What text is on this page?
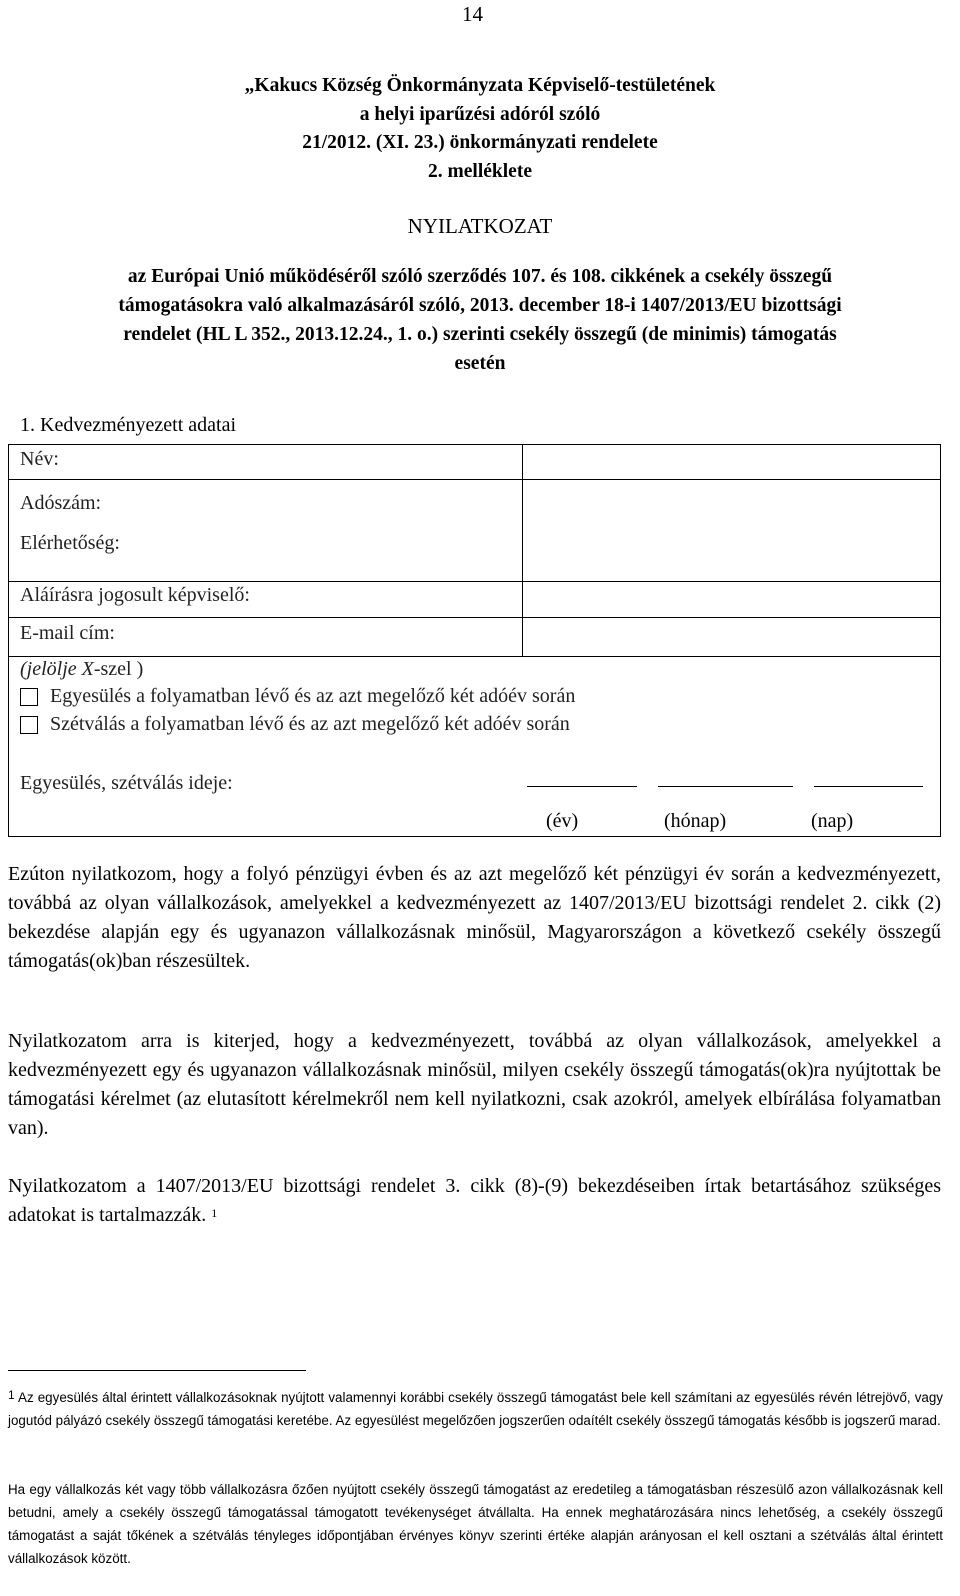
14
„Kakucs Község Önkormányzata Képviselő-testületének
a helyi iparűzési adóról szóló
21/2012. (XI. 23.) önkormányzati rendelete
2. melléklete
NYILATKOZAT
az Európai Unió működéséről szóló szerződés 107. és 108. cikkének a csekély összegű
támogatásokra való alkalmazásáról szóló, 2013. december 18-i 1407/2013/EU bizottsági
rendelet (HL L 352., 2013.12.24., 1. o.) szerinti csekély összegű (de minimis) támogatás
esetén
1. Kedvezményezett adatai
Név:
Adószám:
Elérhetőség:
Aláírásra jogosult képviselő:
E-mail cím:
(jelölje X-szel )
Egyesülés a folyamatban lévő és az azt megelőző két adóév során
Szétválás a folyamatban lévő és az azt megelőző két adóév során
Egyesülés, szétválás ideje:
(év)	(hónap)	(nap)
Ezúton nyilatkozom, hogy a folyó pénzügyi évben és az azt megelőző két pénzügyi év során a kedvezményezett, továbbá az olyan vállalkozások, amelyekkel a kedvezményezett az 1407/2013/EU bizottsági rendelet 2. cikk (2) bekezdése alapján egy és ugyanazon vállalkozásnak minősül, Magyarországon a következő csekély összegű támogatás(ok)ban részesültek.
Nyilatkozatom arra is kiterjed, hogy a kedvezményezett, továbbá az olyan vállalkozások, amelyekkel a kedvezményezett egy és ugyanazon vállalkozásnak minősül, milyen csekély összegű támogatás(ok)ra nyújtottak be támogatási kérelmet (az elutasított kérelmekről nem kell nyilatkozni, csak azokról, amelyek elbírálása folyamatban van).
Nyilatkozatom a 1407/2013/EU bizottsági rendelet 3. cikk (8)-(9) bekezdéseiben írtak betartásához szükséges adatokat is tartalmazzák. $^1$
$^1$ Az egyesülés által érintett vállalkozásoknak nyújtott valamennyi korábbi csekély összegű támogatást bele kell számítani az egyesülés révén létrejövő, vagy jogutód pályázó csekély összegű támogatási keretébe. Az egyesülést megelőzően jogszerűen odaítélt csekély összegű támogatás később is jogszerű marad.
Ha egy vállalkozás két vagy több vállalkozásra őzően nyújtott csekély összegű támogatást az eredetileg a támogatásban részesülő azon vállalkozásnak kell betudni, amely a csekély összegű támogatással támogatott tevékenységet átvállalta. Ha ennek meghatározására nincs lehetőség, a csekély összegű támogatást a saját tőkének a szétválás tényleges időpontjában érvényes könyv szerinti értéke alapján arányosan el kell osztani a szétválás által érintett vállalkozások között.
